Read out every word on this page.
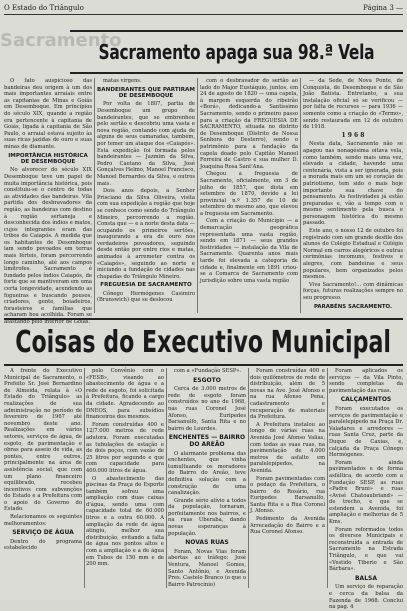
O Estado do Triângulo	Página 3 —
Sacramento
Sacramento apaga sua 98.ª Vela

O fato auspicioso das bandeiras deu origem à um dos mais importantes arraiais entre as capitanias de Minas e Goiás em Desemboque. Em princípios do século XIX, quando a região era pertencente à capitania de Goiás, ligada à capitania de São Paulo, o arraial estava sujeito às suas ricas jazidas de ouro e suas minas de diamante.

IMPORTÂNCIA HISTÓRICA DE DESEMBOQUE

No alvorecer do século XIX Desemboque teve um papel de muita importância histórica, pois constituiu-se o centro de todas as atividades das bandeiras. Vila partida dos desbravadores da região, as bandeiras com destino à região sertaneja e desconhecida dos índios e matos, cujos integrantes eram das tribos de Caiapós. A medida que os habitantes de Desemboque iam sendo povoados em terras mais férteis, foram percorrendo longo caminho, até aos campos limítrofes. Sacramento é fundado pelos índios Caiapós, de forte que se mantiveram em uma certa longevidade, acendendo as fogueiras e buscando pousos, criadores, gente, boiadeiros, forasteiros e famílias que acharam boa acolhida. Foram se afastando pelo interior de Goiás.

matas virgens.

BANDEIRANTES QUE PARTIRAM DE DESEMBOQUE

Por volta de 1807, partia de Desemboque um grupo de bandeirantes, que se embrenhou pelo sertão e descobriu uma vasta e nova região, contando com ajuda de alguns de seus camaradas, também, por temer um ataque dos «Caiapós». Esta expedição foi formada pelos bandeirantes — Jazmim da Silva, Pedro Caetano da Silva, José Gonçalves Helmo, Manoel Francisco, Manoel Bernardes da Silva, e outros mais.

Dois anos depois, a Senhor Prisciano da Silva Oliveira, visita com sua expedição a região que hoje se conhece como sendo do Triângulo Mineiro, percorrendo a região. Consta que — e a norte desta data — ocupando os primeiros sertões, inaugurando a era de ouro nos verdadeiros povoadores, seguindo desde então por entre rios e matas, animados à arremeter contra os «Caiapós», seguindo ao norte e iniciando a fundação de cidades nas chapadas do Triângulo Mineiro.

FREGUESIA DE SACRAMENTO

Cônego Hermógenes Casimiro (Brunswich) que se deslocou

com o desbravador do sertão ao lado do Major Eustáquio, juntos, em 24 de agosto de 1820 — uma capela, à margem esquerda do ribeirão «Borá», dedicando-a Santíssimo Sacramento, sendo o primeiro passo para a criação da FREGUESIA DE SACRAMENTO, situada no distrito de Desemboque (Distrito de Nossa Senhora do Desterro), sendo o patrimônio para a fundação da capela doado pelo Capitão Manoel Ferreira de Castro e sua mulher D. Joaquina Rosa Sant'Ana.

Chegou a freguesia de Sacramento, oficialmente, em 3 de julho de 1857, que dista em setembro de 1870, devido a lei provincial n.º 1.357 de 10 de setembro do mesmo ano, que elevou a freguesia em Sacramento.

Com a criação do Município — a demarcação geográfica representada uma vasta região, sendo em 1871 — seus grandes festividades — instalação da Vila de Sacramento. Quarenta anos mais tarde foi elevada a categoria de cidade e, finalmente em 1891 criou-se a Comarca de Sacramento com jurisdição sobre uma vasta região

— da Sede, de Nova Ponte, de Conquista, de Desemboque e de São João Batista. Entretanto, a sua instalação oficial só se verificou — por falta de recursos — para 1936 — somente como a criação do «Termo», sendo restaurada em 12 de outubro de 1918.

1 9 6 8

Nesta data, Sacramento não se apagou nas nonagésima oitava vela, como também, sendo mais uma vez, elevado a cidade, havendo uma centenária, vista a ser ignorada, pois a morada mais em um só coração de patriotismo, tem sido o mais hoje importante sua chave do pensamento. As festividades já estão preparadas e, vão a tempo com o mesmo sentimento pela busca e personagem histórica do mesmo passado.

Este ano, o nosso 12 de outubro foi registrado com um grande desfile dos alunos do Colégio Estadual e Colégio Normal em carros alegóricos e outras cerimônias incomuns, festivos e alegres, com bandeiras e seus populares, bem organizados pelos mesmos.

Viva Sacramento!... com dinâmicas forças, futuras realizações sempre no seu progresso.

PARABÉNS SACRAMENTO.
Coisas do Executivo Municipal

A frente do Executivo Municipal de Sacramento, o Prefeito Sr. José Bernardino de Almeida, relata à «O Estado do Triângulo» as realizações de sua administração no período de fevereiro de 1967 até novembro deste ano. Realizações em vários setores, serviços de água, de esgoto, de pavimentação e obras para asseio de vida, as pontes, entre outros, principalmente na área de assistência social, que com um plano financeiro equilibrado, recebeu incentivos com subvenções do Estado e a Prefeitura com o apoio do Governo do Estado.

Relacionamos os seguintes melhoramentos:

SERVIÇO DE ÁGUA

Dentro do programa estabelecido

pelo Convênio com o «FESB», visando ao abastecimento de água e a rede de esgoto, foi solicitada à Prefeitura, ficando a cargo da cidade. Agradecendo ao DNEOS, para subsídios financeiros dos mesmos.

Foram construídas 400 e 12/7.000 metros de rede adutora. Foram executadas as tubulações de estação e de dois poços, com vazão de 25 litros por segundo e que com capacidade para 400.000 litros de água.

O abastecimento das piscinas da Praça do Esporte também sofreu uma ampliação com duas caixas d'água, sendo uma com capacidade total de 60.000 litros e a outra 60.000. A ampliação da rede de água atingiu, melhor sua distribuição, evitando a falta de água nos pontos altos e com a ampliação e a de água em Tubos de 150 mm e de 200 mm.

com a «Fundação SESP».

ESGOTO

Cerca de 3.000 metros de rede de esgoto foram construídos no ano de 1968, nas ruas Coronel José Afonso, Euripedes Barsanulfo, Santa Rita e no bairro de Lourdes.

ENCHENTES — BAIRRO DO AREÃO

O alarmante problema das enchentes, que vinha tumultuando os moradores do Bairro do Areão, teve definitiva solução com a construção de uma canalização.

Grande sério alívio a todos da população, tornaram, perfeitamente nos bairros, e na ruas Uberaba, dando novas esperanças à população.

NOVAS RUAS

Foram, Novas Vias foram abertas ao tráfego: José Ventura, Manoel Gomes, Santo Antônio, e Avenida Pres. Castelo Branco (o que o Bairro Patrocínio)

Foram construídas 400 e dois quilômetros de rede de distribuição, além de 5 novas na Ave. José Afonso e na rua Afonso Pena, cadastramento e recuperação de materiais da Prefeitura.

A Prefeitura instalou ao longo de várias ruas na Avenida José Afonso Valias, com todas as suas ruas, na pavimentação de 4.000 metros de asfalto em paralelepípedos, na Avenida.

Foram pavimentadas com o pedaço da Prefeitura, o bairro do Rosário, rua Euripedes Barsanulfo, Santa Rita e a Rua Coronel J. Afonso.

Pedimento da Avenida Arrecadação do Bairro e a Rua Coronel Afonso.

Foram aplicados os serviços — da Vila Pinto, sendo completas da pavimentação das ruas.

CALÇAMENTOS

Foram executados os serviços de pavimentação e paralelepípedo na Praça Dr. Valadares e arredores — ruas Santa Cruz, parte da Duque de Caxias, e, calçada da Praça Cônego Hermógenes.

Foram ainda pavimentados e de forma asfáltica, de acordo com a Fundação SESP, as ruas «Padre Bruni» e ruas «Avisé Chatoaubriand» — de trecho, e que se estendem a Avenida, foi ampliação e melhorias de 5 Kms.

Foram reformados todos os diversos Municipais e reconstruída a entrada de Sacramento na Estrada Triângulo, e que vai «Vestido Tiberio e São Bárbara».

BALSA

Um serviço de reparação e cerca da balsa da Fazenda de 1968. Conclui na pag. 4
